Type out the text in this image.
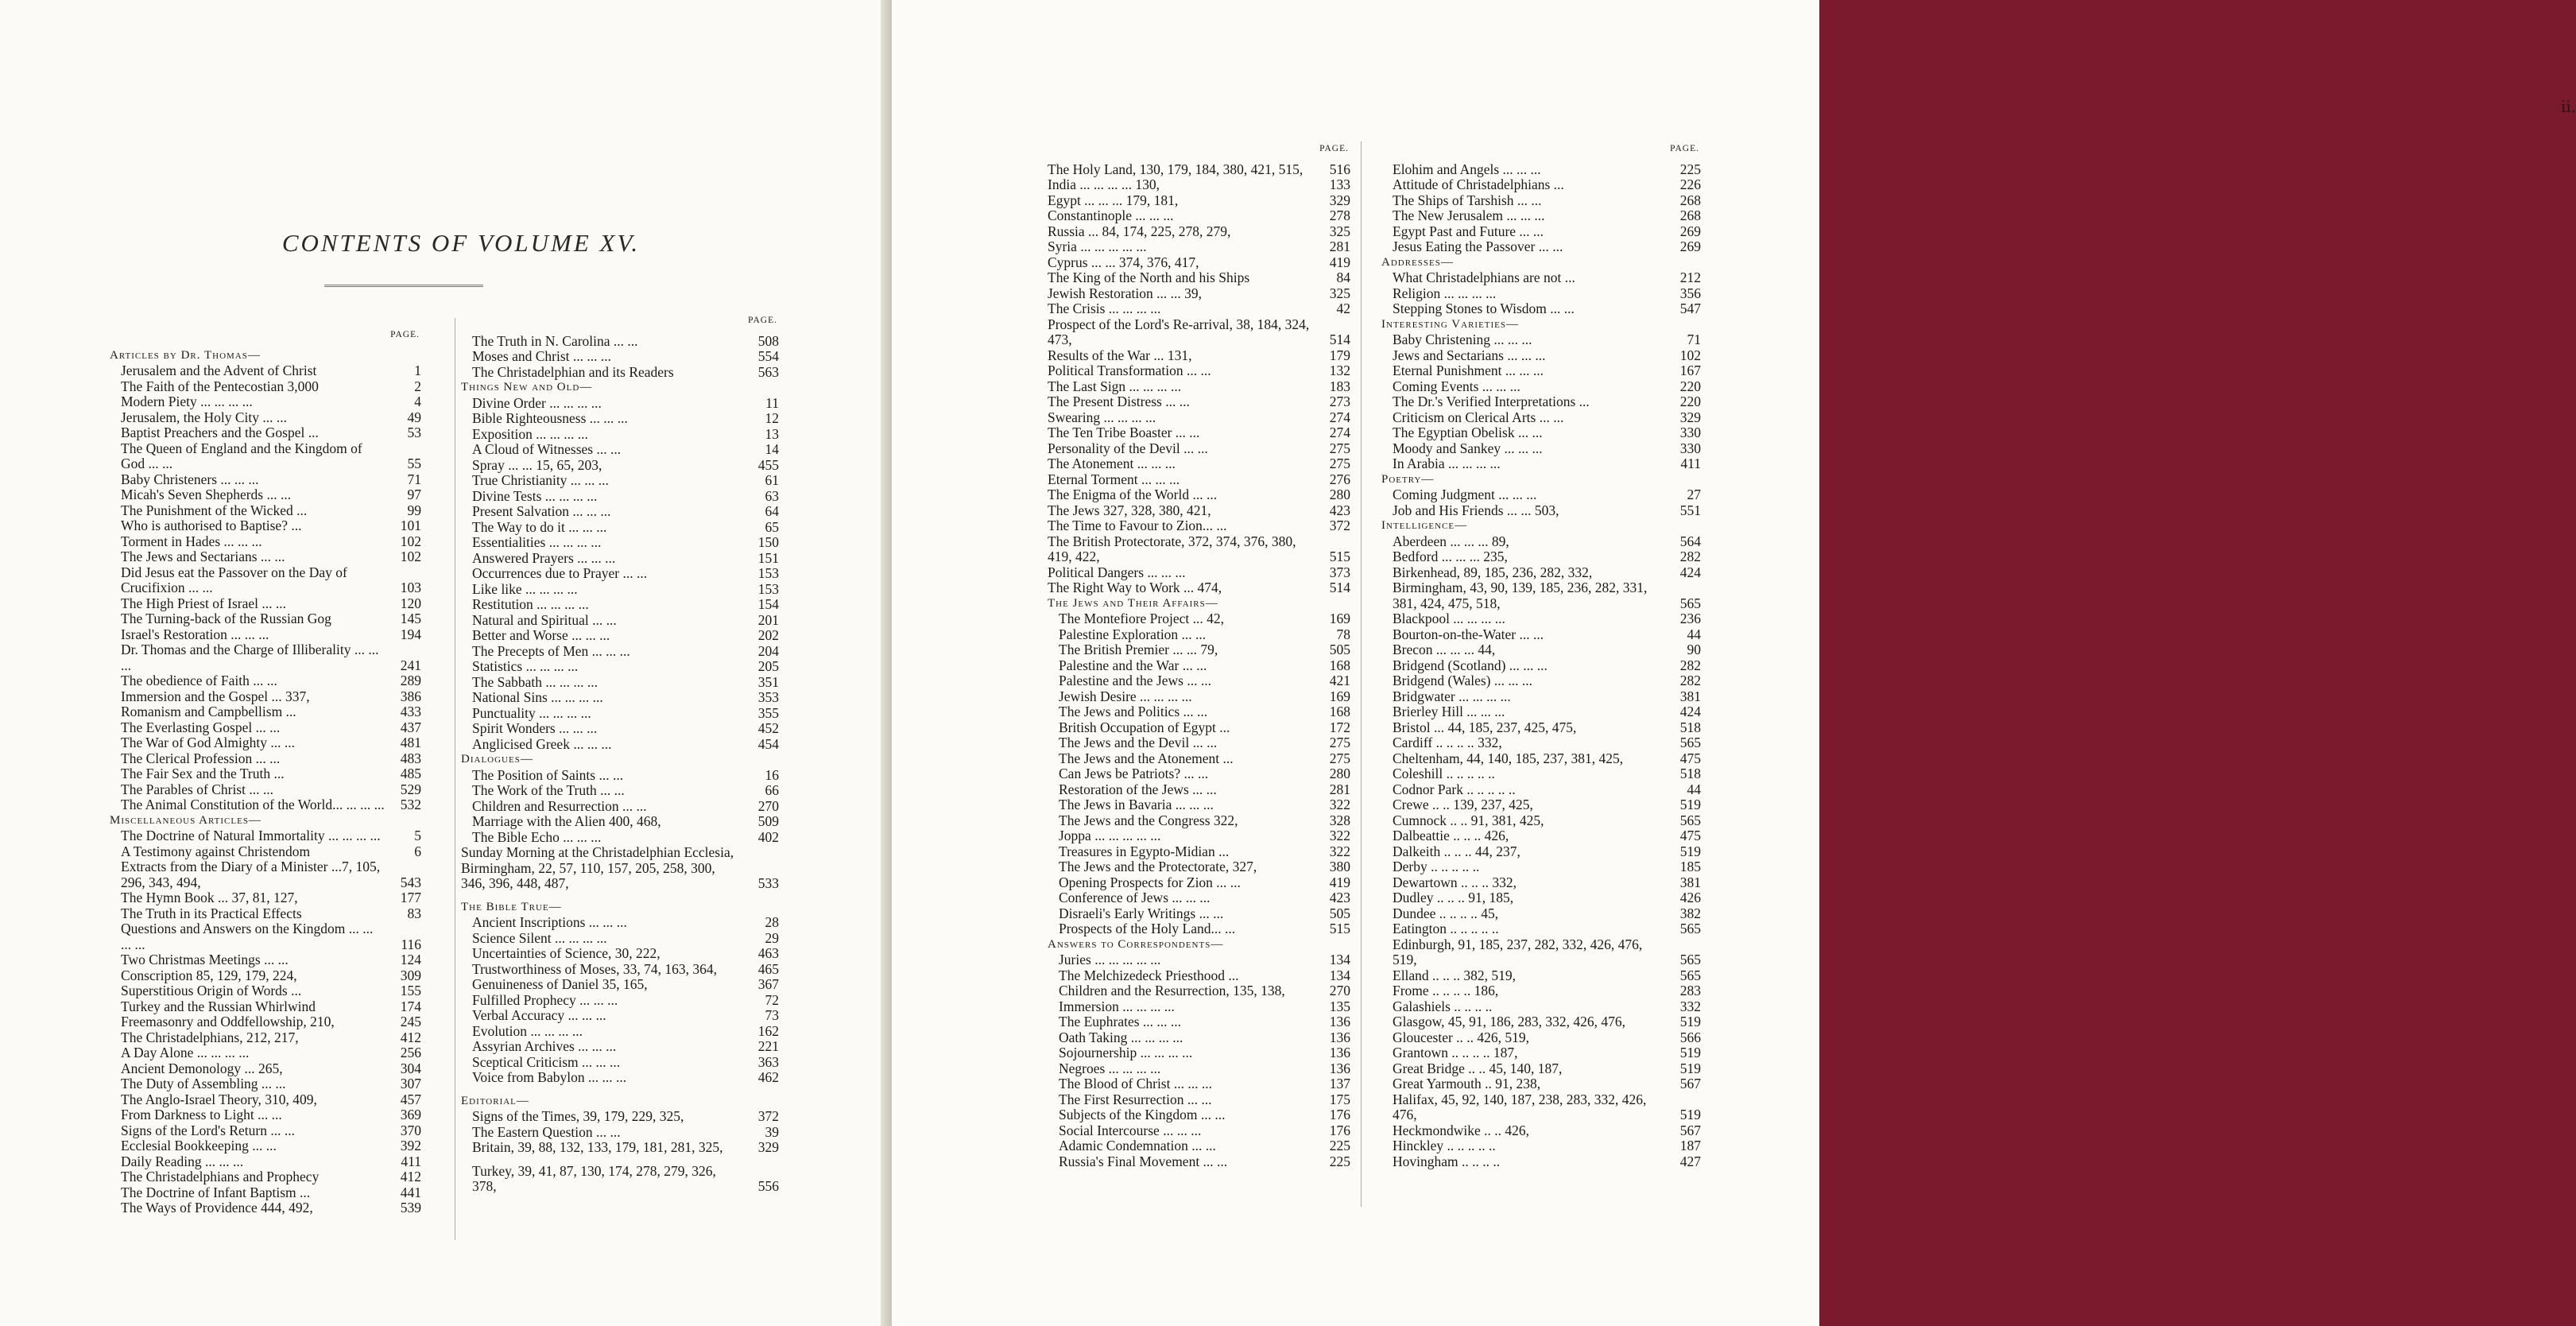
CONTENTS OF VOLUME XV.
ii.
PAGE.
Articles by Dr. Thomas—
Jerusalem and the Advent of Christ	1
The Faith of the Pentecostian 3,000	2
Modern Piety ... ... ... ...	4
Jerusalem, the Holy City ... ...	49
Baptist Preachers and the Gospel ...	53
The Queen of England and the Kingdom of God ... ...	55
Baby Christeners ... ... ...	71
Micah's Seven Shepherds ... ...	97
The Punishment of the Wicked ...	99
Who is authorised to Baptise? ...	101
Torment in Hades ... ... ...	102
The Jews and Sectarians ... ...	102
Did Jesus eat the Passover on the Day of Crucifixion ... ...	103
The High Priest of Israel ... ...	120
The Turning-back of the Russian Gog	145
Israel's Restoration ... ... ...	194
Dr. Thomas and the Charge of Illiberality ... ... ...	241
The obedience of Faith ... ...	289
Immersion and the Gospel ... 337,	386
Romanism and Campbellism ...	433
The Everlasting Gospel ... ...	437
The War of God Almighty ... ...	481
The Clerical Profession ... ...	483
The Fair Sex and the Truth ...	485
The Parables of Christ ... ...	529
The Animal Constitution of the World... ... ... ...	532
Miscellaneous Articles—
The Doctrine of Natural Immortality ... ... ... ...	5
A Testimony against Christendom	6
Extracts from the Diary of a Minister ...7, 105, 296, 343, 494,	543
The Hymn Book ... 37, 81, 127,	177
The Truth in its Practical Effects	83
Questions and Answers on the Kingdom ... ... ... ...	116
Two Christmas Meetings ... ...	124
Conscription 85, 129, 179, 224,	309
Superstitious Origin of Words ...	155
Turkey and the Russian Whirlwind	174
Freemasonry and Oddfellowship, 210,	245
The Christadelphians, 212, 217,	412
A Day Alone ... ... ... ...	256
Ancient Demonology ... 265,	304
The Duty of Assembling ... ...	307
The Anglo-Israel Theory, 310, 409,	457
From Darkness to Light ... ...	369
Signs of the Lord's Return ... ...	370
Ecclesial Bookkeeping ... ...	392
Daily Reading ... ... ...	411
The Christadelphians and Prophecy	412
The Doctrine of Infant Baptism ...	441
The Ways of Providence 444, 492,	539
PAGE.
The Truth in N. Carolina ... ...	508
Moses and Christ ... ... ...	554
The Christadelphian and its Readers	563
Things New and Old—
Divine Order ... ... ... ...	11
Bible Righteousness ... ... ...	12
Exposition ... ... ... ...	13
A Cloud of Witnesses ... ...	14
Spray ... ... 15, 65, 203,	455
True Christianity ... ... ...	61
Divine Tests ... ... ... ...	63
Present Salvation ... ... ...	64
The Way to do it ... ... ...	65
Essentialities ... ... ... ...	150
Answered Prayers ... ... ...	151
Occurrences due to Prayer ... ...	153
Like like ... ... ... ...	153
Restitution ... ... ... ...	154
Natural and Spiritual ... ...	201
Better and Worse ... ... ...	202
The Precepts of Men ... ... ...	204
Statistics ... ... ... ...	205
The Sabbath ... ... ... ...	351
National Sins ... ... ... ...	353
Punctuality ... ... ... ...	355
Spirit Wonders ... ... ...	452
Anglicised Greek ... ... ...	454
Dialogues—
The Position of Saints ... ...	16
The Work of the Truth ... ...	66
Children and Resurrection ... ...	270
Marriage with the Alien 400, 468,	509
The Bible Echo ... ... ...	402
Sunday Morning at the Christadelphian Ecclesia, Birmingham, 22, 57, 110, 157, 205, 258, 300, 346, 396, 448, 487,	533
The Bible True—
Ancient Inscriptions ... ... ...	28
Science Silent ... ... ... ...	29
Uncertainties of Science, 30, 222,	463
Trustworthiness of Moses, 33, 74, 163, 364,	465
Genuineness of Daniel 35, 165,	367
Fulfilled Prophecy ... ... ...	72
Verbal Accuracy ... ... ...	73
Evolution ... ... ... ...	162
Assyrian Archives ... ... ...	221
Sceptical Criticism ... ... ...	363
Voice from Babylon ... ... ...	462
Editorial—
Signs of the Times, 39, 179, 229, 325,	372
The Eastern Question ... ...	39
Britain, 39, 88, 132, 133, 179, 181, 281, 325,	329
Turkey, 39, 41, 87, 130, 174, 278, 279, 326, 378,	556
PAGE.
The Holy Land, 130, 179, 184, 380, 421, 515,	516
India ... ... ... ... 130,	133
Egypt ... ... ... 179, 181,	329
Constantinople ... ... ...	278
Russia ... 84, 174, 225, 278, 279,	325
Syria ... ... ... ... ...	281
Cyprus ... ... 374, 376, 417,	419
The King of the North and his Ships	84
Jewish Restoration ... ... 39,	325
The Crisis ... ... ... ...	42
Prospect of the Lord's Re-arrival, 38, 184, 324, 473,	514
Results of the War ... 131,	179
Political Transformation ... ...	132
The Last Sign ... ... ... ...	183
The Present Distress ... ...	273
Swearing ... ... ... ...	274
The Ten Tribe Boaster ... ...	274
Personality of the Devil ... ...	275
The Atonement ... ... ...	275
Eternal Torment ... ... ...	276
The Enigma of the World ... ...	280
The Jews 327, 328, 380, 421,	423
The Time to Favour to Zion... ...	372
The British Protectorate, 372, 374, 376, 380, 419, 422,	515
Political Dangers ... ... ...	373
The Right Way to Work ... 474,	514
The Jews and Their Affairs—
The Montefiore Project ... 42,	169
Palestine Exploration ... ...	78
The British Premier ... ... 79,	505
Palestine and the War ... ...	168
Palestine and the Jews ... ...	421
Jewish Desire ... ... ... ...	169
The Jews and Politics ... ...	168
British Occupation of Egypt ...	172
The Jews and the Devil ... ...	275
The Jews and the Atonement ...	275
Can Jews be Patriots? ... ...	280
Restoration of the Jews ... ...	281
The Jews in Bavaria ... ... ...	322
The Jews and the Congress 322,	328
Joppa ... ... ... ... ...	322
Treasures in Egypto-Midian ...	322
The Jews and the Protectorate, 327,	380
Opening Prospects for Zion ... ...	419
Conference of Jews ... ... ...	423
Disraeli's Early Writings ... ...	505
Prospects of the Holy Land... ...	515
Answers to Correspondents—
Juries ... ... ... ... ...	134
The Melchizedeck Priesthood ...	134
Children and the Resurrection, 135, 138,	270
Immersion ... ... ... ...	135
The Euphrates ... ... ...	136
Oath Taking ... ... ... ...	136
Sojournership ... ... ... ...	136
Negroes ... ... ... ...	136
The Blood of Christ ... ... ...	137
The First Resurrection ... ...	175
Subjects of the Kingdom ... ...	176
Social Intercourse ... ... ...	176
Adamic Condemnation ... ...	225
Russia's Final Movement ... ...	225
PAGE.
Elohim and Angels ... ... ...	225
Attitude of Christadelphians ...	226
The Ships of Tarshish ... ...	268
The New Jerusalem ... ... ...	268
Egypt Past and Future ... ...	269
Jesus Eating the Passover ... ...	269
Addresses—
What Christadelphians are not ...	212
Religion ... ... ... ...	356
Stepping Stones to Wisdom ... ...	547
Interesting Varieties—
Baby Christening ... ... ...	71
Jews and Sectarians ... ... ...	102
Eternal Punishment ... ... ...	167
Coming Events ... ... ...	220
The Dr.'s Verified Interpretations ...	220
Criticism on Clerical Arts ... ...	329
The Egyptian Obelisk ... ...	330
Moody and Sankey ... ... ...	330
In Arabia ... ... ... ...	411
Poetry—
Coming Judgment ... ... ...	27
Job and His Friends ... ... 503,	551
Intelligence—
Aberdeen ... ... ... 89,	564
Bedford ... ... ... 235,	282
Birkenhead, 89, 185, 236, 282, 332,	424
Birmingham, 43, 90, 139, 185, 236, 282, 331, 381, 424, 475, 518,	565
Blackpool ... ... ... ...	236
Bourton-on-the-Water ... ...	44
Brecon ... ... ... 44,	90
Bridgend (Scotland) ... ... ...	282
Bridgend (Wales) ... ... ...	282
Bridgwater ... ... ... ...	381
Brierley Hill ... ... ...	424
Bristol ... 44, 185, 237, 425, 475,	518
Cardiff .. .. .. .. 332,	565
Cheltenham, 44, 140, 185, 237, 381, 425,	475
Coleshill .. .. .. .. ..	518
Codnor Park .. .. .. .. ..	44
Crewe .. .. 139, 237, 425,	519
Cumnock .. .. 91, 381, 425,	565
Dalbeattie .. .. .. 426,	475
Dalkeith .. .. .. 44, 237,	519
Derby .. .. .. .. ..	185
Dewartown .. .. .. 332,	381
Dudley .. .. .. 91, 185,	426
Dundee .. .. .. .. 45,	382
Eatington .. .. .. .. ..	565
Edinburgh, 91, 185, 237, 282, 332, 426, 476, 519,	565
Elland .. .. .. 382, 519,	565
Frome .. .. .. .. 186,	283
Galashiels .. .. .. ..	332
Glasgow, 45, 91, 186, 283, 332, 426, 476,	519
Gloucester .. .. 426, 519,	566
Grantown .. .. .. .. 187,	519
Great Bridge .. .. 45, 140, 187,	519
Great Yarmouth .. 91, 238,	567
Halifax, 45, 92, 140, 187, 238, 283, 332, 426, 476,	519
Heckmondwike .. .. 426,	567
Hinckley .. .. .. .. ..	187
Hovingham .. .. .. ..	427
